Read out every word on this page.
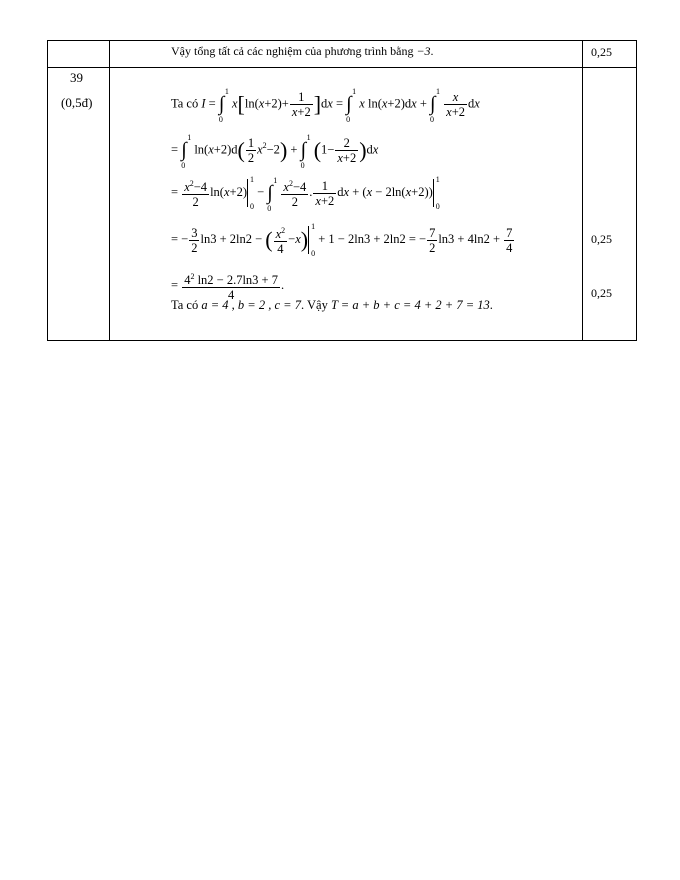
Vậy tổng tất cả các nghiệm của phương trình bằng −3.	0,25
39
(0,5đ)	Ta có I = ∫
1
0
$x[\ln(x+2)+ \frac{1}{x+2} ]dx$ = ∫
1
0
x ln(x+2)dx + ∫
1
0

$\frac{x}{x+2}$ dx
= ∫
1
0
$\ln(x+2)d( \frac{1}{2} x^2-2)$ + ∫
1
0
$(1- \frac{2}{x+2} )dx$
= $\frac{x^2-4}{2} \ln(x+2)$
1
0
− ∫
1
0
$\frac{x^2-4}{2}$ . $\frac{1}{x+2}$ dx + (x − 2ln(x+2))
1
0
= − $\frac{3}{2} \ln 3 + 2\ln 2$ − ( $\frac{x^2}{4} -x$)
1
0
+ 1 − 2ln3 + 2ln2 = − $\frac{7}{2} \ln 3 + 4\ln 2 + \frac{7}{4}$
= $\frac{4^2 \ln 2 - 2.7\ln 3 + 7}{4}$ .
Ta có a = 4 , b = 2 , c = 7. Vậy T = a + b + c = 4 + 2 + 7 = 13.
0,25
0,25
